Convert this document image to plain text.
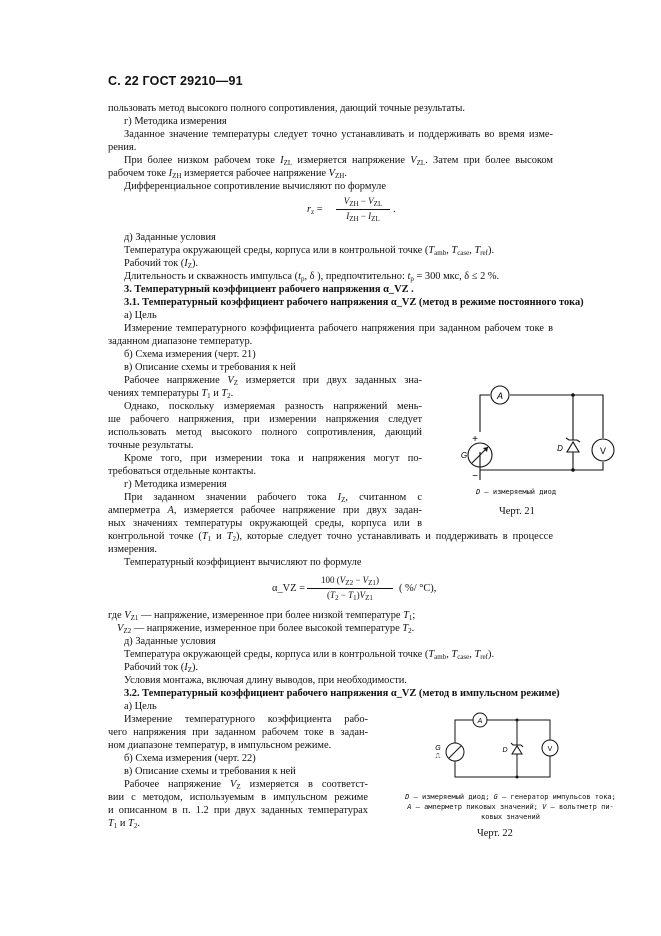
С. 22 ГОСТ 29210—91
пользовать метод высокого полного сопротивления, дающий точные результаты.
г) Методика измерения
Заданное значение температуры следует точно устанавливать и поддерживать во время изме-
рения.
При более низком рабочем токе $I_{ZL}$ измеряется напряжение $V_{ZL}$. Затем при более высоком
рабочем токе $I_{ZH}$ измеряется рабочее напряжение $V_{ZH}$.
Дифференциальное сопротивление вычисляют по формуле
$r_z$ =
$V_{ZH} - V_{ZL}$
$I_{ZH} - I_{ZL}$
.
д) Заданные условия
Температура окружающей среды, корпуса или в контрольной точке ($T_{amb}$, $T_{case}$, $T_{ref}$).
Рабочий ток $(I_Z)$.
Длительность и скважность импульса ($t_p$, δ ), предпочтительно: $t_p = 300$ мкс, δ ≤ 2 %.
3. Температурный коэффициент рабочего напряжения α_VZ .
3.1. Температурный коэффициент рабочего напряжения α_VZ (метод в режиме постоянного тока)
а) Цель
Измерение температурного коэффициента рабочего напряжения при заданном рабочем токе в
заданном диапазоне температур.
б) Схема измерения (черт. 21)
в) Описание схемы и требования к ней
Рабочее напряжение $V_Z$ измеряется при двух заданных зна-
чениях температуры $T_1$ и $T_2$.
Однако, поскольку измеряемая разность напряжений мень-
ше рабочего напряжения, при измерении напряжения следует
использовать метод высокого полного сопротивления, дающий
точные результаты.
Кроме того, при измерении тока и напряжения могут по-
требоваться отдельные контакты.
г) Методика измерения
При заданном значении рабочего тока $I_Z$, считанном с
амперметра A, измеряется рабочее напряжение при двух задан-
ных значениях температуры окружающей среды, корпуса или в
контрольной точке ($T_1$ и $T_2$), которые следует точно устанавливать и поддерживать в процессе
измерения.
Температурный коэффициент вычисляют по формуле
α_VZ =
100 $(V_{Z2} - V_{Z1})$
$(T_2 - T_1)V_{Z1}$
( %/ °C),
где $V_{Z1}$ — напряжение, измеренное при более низкой температуре $T_1$;
$V_{Z2}$ — напряжение, измеренное при более высокой температуре $T_2$.
д) Заданные условия
Температура окружающей среды, корпуса или в контрольной точке ($T_{amb}$, $T_{case}$, $T_{ref}$).
Рабочий ток $(I_Z)$.
Условия монтажа, включая длину выводов, при необходимости.
3.2. Температурный коэффициент рабочего напряжения α_VZ (метод в импульсном режиме)
а) Цель
Измерение температурного коэффициента рабо-
чего напряжения при заданном рабочем токе в задан-
ном диапазоне температур, в импульсном режиме.
б) Схема измерения (черт. 22)
в) Описание схемы и требования к ней
Рабочее напряжение $V_Z$ измеряется в соответст-
вии с методом, используемым в импульсном режиме
и описанном в п. 1.2 при двух заданных температурах
$T_1$ и $T_2$.
A
G
D	V
+
−
D — измеряемый диод
Черт. 21
A
G
⎍
D	V
D — измеряемый диод; G — генератор импульсов тока;
A — амперметр пиковых значений; V — вольтметр пи-
ковых значений
Черт. 22
